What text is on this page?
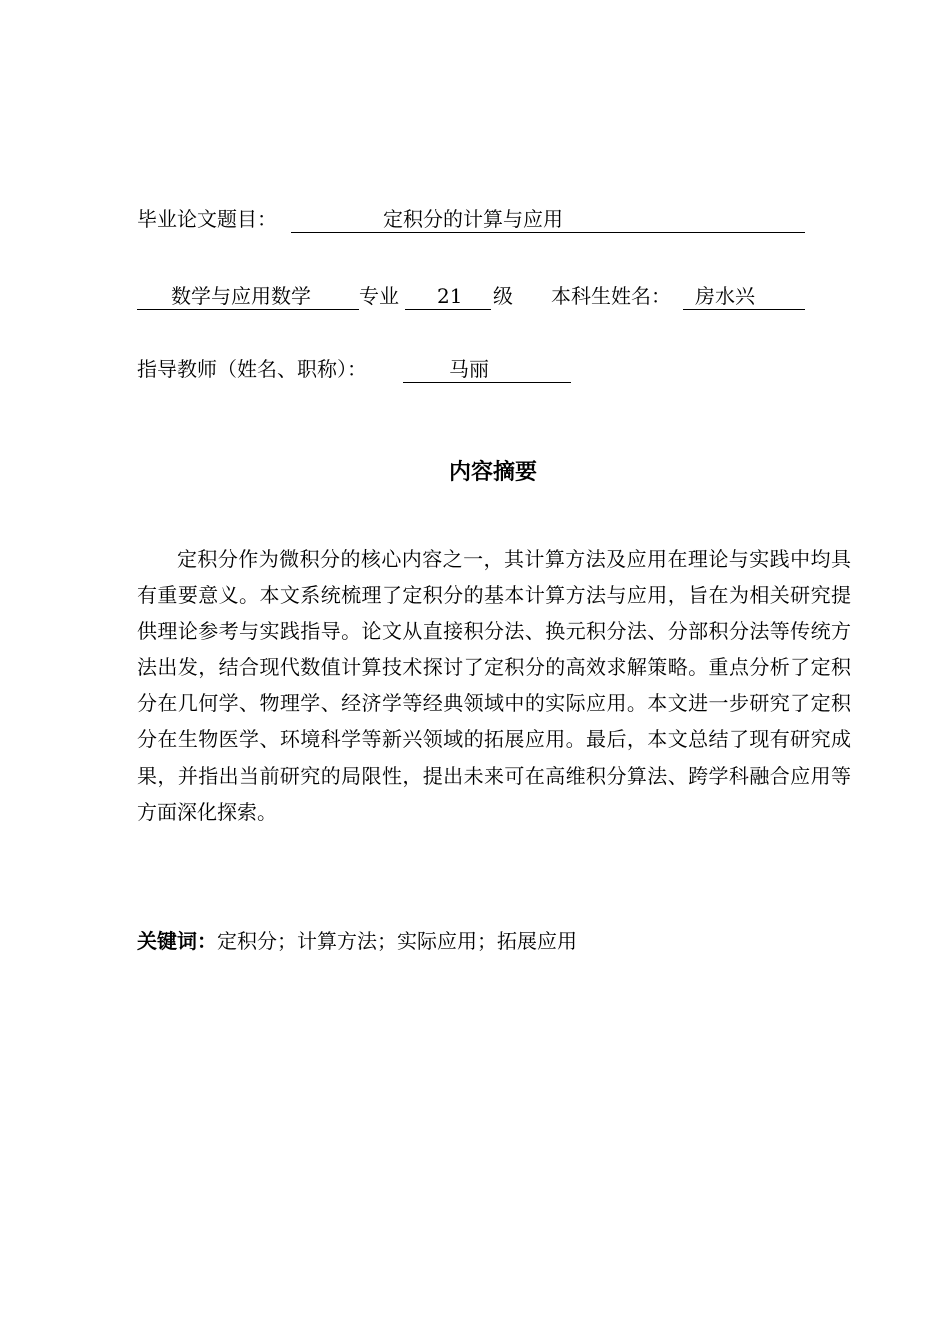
毕业论文题目：	定积分的计算与应用
数学与应用数学 专业 21 级 本科生姓名： 房水兴
指导教师（姓名、职称）：	马丽
内容摘要

定积分作为微积分的核心内容之一，其计算方法及应用在理论与实践中均具有重要意义。本文系统梳理了定积分的基本计算方法与应用，旨在为相关研究提供理论参考与实践指导。论文从直接积分法、换元积分法、分部积分法等传统方法出发，结合现代数值计算技术探讨了定积分的高效求解策略。重点分析了定积分在几何学、物理学、经济学等经典领域中的实际应用。本文进一步研究了定积分在生物医学、环境科学等新兴领域的拓展应用。最后，本文总结了现有研究成果，并指出当前研究的局限性，提出未来可在高维积分算法、跨学科融合应用等方面深化探索。

关键词：定积分；计算方法；实际应用；拓展应用
